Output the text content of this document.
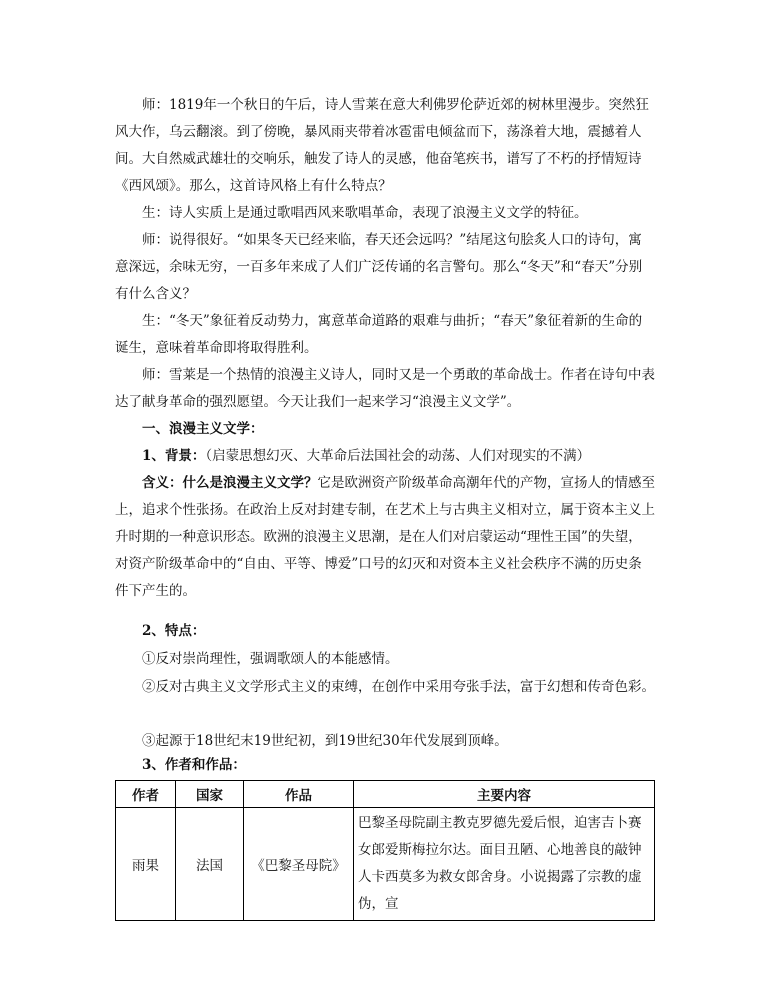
师：1819年一个秋日的午后，诗人雪莱在意大利佛罗伦萨近郊的树林里漫步。突然狂风大作，乌云翻滚。到了傍晚，暴风雨夹带着冰雹雷电倾盆而下，荡涤着大地，震撼着人间。大自然威武雄壮的交响乐，触发了诗人的灵感，他奋笔疾书，谱写了不朽的抒情短诗《西风颂》。那么，这首诗风格上有什么特点？

生：诗人实质上是通过歌唱西风来歌唱革命，表现了浪漫主义文学的特征。

师：说得很好。“如果冬天已经来临，春天还会远吗？”结尾这句脍炙人口的诗句，寓意深远，余味无穷，一百多年来成了人们广泛传诵的名言警句。那么“冬天”和“春天”分别有什么含义？

生：“冬天”象征着反动势力，寓意革命道路的艰难与曲折；“春天”象征着新的生命的诞生，意味着革命即将取得胜利。

师：雪莱是一个热情的浪漫主义诗人，同时又是一个勇敢的革命战士。作者在诗句中表达了献身革命的强烈愿望。今天让我们一起来学习“浪漫主义文学”。

一、浪漫主义文学：

1、背景：（启蒙思想幻灭、大革命后法国社会的动荡、人们对现实的不满）

含义：什么是浪漫主义文学？它是欧洲资产阶级革命高潮年代的产物，宣扬人的情感至上，追求个性张扬。在政治上反对封建专制，在艺术上与古典主义相对立，属于资本主义上升时期的一种意识形态。欧洲的浪漫主义思潮，是在人们对启蒙运动“理性王国”的失望，对资产阶级革命中的“自由、平等、博爱”口号的幻灭和对资本主义社会秩序不满的历史条件下产生的。

2、特点：

①反对崇尚理性，强调歌颂人的本能感情。

②反对古典主义文学形式主义的束缚，在创作中采用夸张手法，富于幻想和传奇色彩。

③起源于18世纪末19世纪初，到19世纪30年代发展到顶峰。

3、作者和作品：

作者	国家	作品	主要内容
雨果	法国	《巴黎圣母院》	巴黎圣母院副主教克罗德先爱后恨，迫害吉卜赛女郎爱斯梅拉尔达。面目丑陋、心地善良的敲钟人卡西莫多为救女郎舍身。小说揭露了宗教的虚伪，宣
